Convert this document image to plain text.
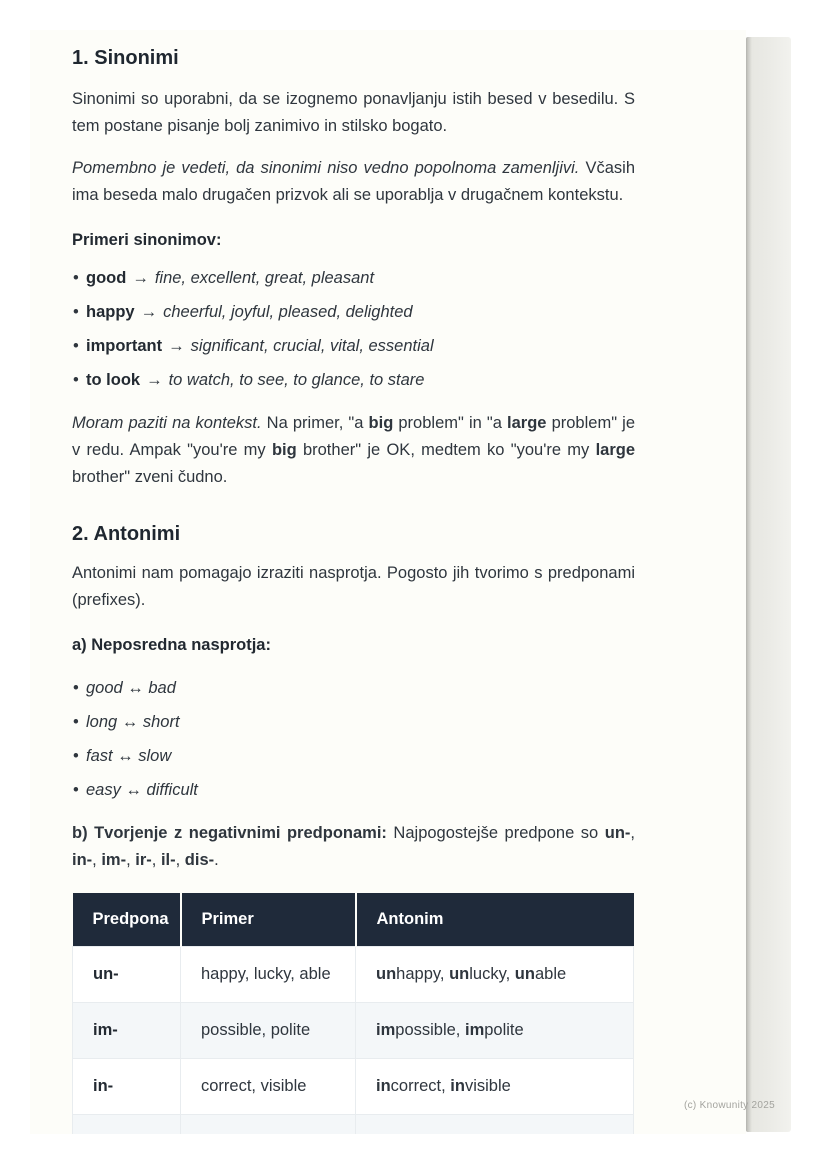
1. Sinonimi

Sinonimi so uporabni, da se izognemo ponavljanju istih besed v besedilu. S tem postane pisanje bolj zanimivo in stilsko bogato.

Pomembno je vedeti, da sinonimi niso vedno popolnoma zamenljivi. Včasih ima beseda malo drugačen prizvok ali se uporablja v drugačnem kontekstu.

Primeri sinonimov:

• good → fine, excellent, great, pleasant
• happy → cheerful, joyful, pleased, delighted
• important → significant, crucial, vital, essential
• to look → to watch, to see, to glance, to stare

Moram paziti na kontekst. Na primer, "a big problem" in "a large problem" je v redu. Ampak "you're my big brother" je OK, medtem ko "you're my large brother" zveni čudno.

2. Antonimi

Antonimi nam pomagajo izraziti nasprotja. Pogosto jih tvorimo s predponami (prefixes).

a) Neposredna nasprotja:

• good ↔ bad
• long ↔ short
• fast ↔ slow
• easy ↔ difficult

b) Tvorjenje z negativnimi predponami: Najpogostejše predpone so un-, in-, im-, ir-, il-, dis-.

Predpona	Primer	Antonim
un-	happy, lucky, able	unhappy, unlucky, unable
im-	possible, polite	impossible, impolite
in-	correct, visible	incorrect, invisible

(c) Knowunity 2025
